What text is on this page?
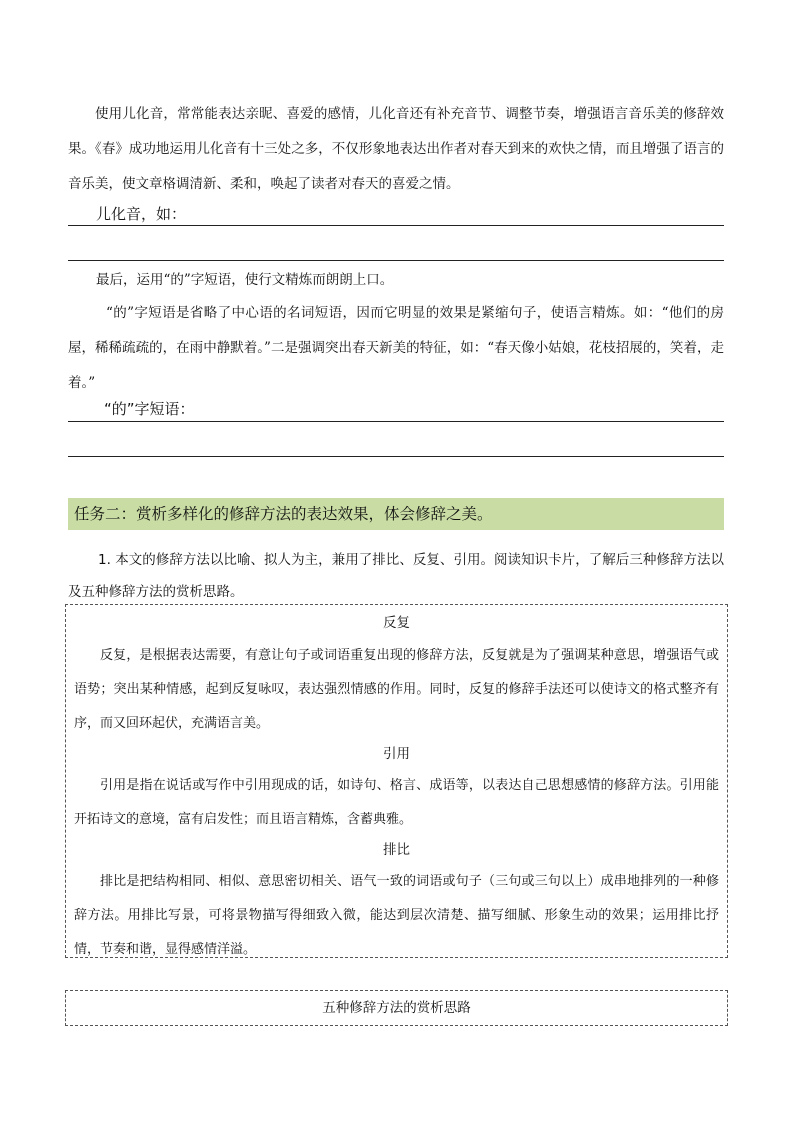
使用儿化音，常常能表达亲昵、喜爱的感情，儿化音还有补充音节、调整节奏，增强语言音乐美的修辞效果。《春》成功地运用儿化音有十三处之多，不仅形象地表达出作者对春天到来的欢快之情，而且增强了语言的音乐美，使文章格调清新、柔和，唤起了读者对春天的喜爱之情。
儿化音，如：
最后，运用“的”字短语，使行文精炼而朗朗上口。
“的”字短语是省略了中心语的名词短语，因而它明显的效果是紧缩句子，使语言精炼。如：“他们的房屋，稀稀疏疏的，在雨中静默着。”二是强调突出春天新美的特征，如：“春天像小姑娘，花枝招展的，笑着，走着。”
“的”字短语：
任务二：赏析多样化的修辞方法的表达效果，体会修辞之美。
1. 本文的修辞方法以比喻、拟人为主，兼用了排比、反复、引用。阅读知识卡片，了解后三种修辞方法以及五种修辞方法的赏析思路。
反复
反复，是根据表达需要，有意让句子或词语重复出现的修辞方法，反复就是为了强调某种意思，增强语气或语势；突出某种情感，起到反复咏叹，表达强烈情感的作用。同时，反复的修辞手法还可以使诗文的格式整齐有序，而又回环起伏，充满语言美。
引用
引用是指在说话或写作中引用现成的话，如诗句、格言、成语等，以表达自己思想感情的修辞方法。引用能开拓诗文的意境，富有启发性；而且语言精炼，含蓄典雅。
排比
排比是把结构相同、相似、意思密切相关、语气一致的词语或句子（三句或三句以上）成串地排列的一种修辞方法。用排比写景，可将景物描写得细致入微，能达到层次清楚、描写细腻、形象生动的效果；运用排比抒情，节奏和谐，显得感情洋溢。
五种修辞方法的赏析思路
